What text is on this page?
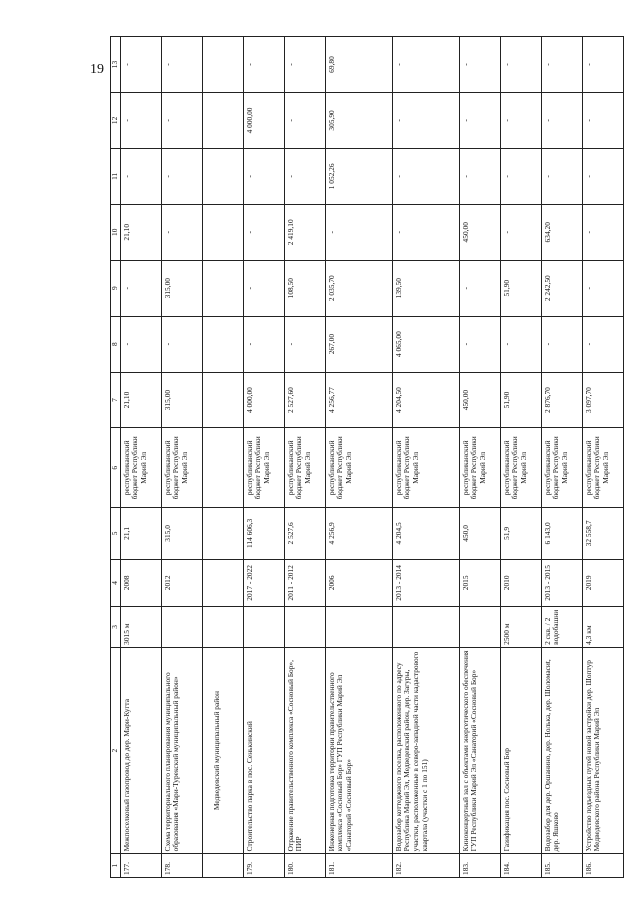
19
1	2	3	4	5	6	7	8	9	10	11	12	13
177.	Межпоселковый газопровод до дер. Мари-Кугта	3015 м	2008	21,1	республиканский бюджет Республики Марий Эл	21,10	-	-	21,10	-	-	-
178.	Схема территориального планирования муниципального образования «Мари-Турекский муниципальный район»		2012	315,0	республиканский бюджет Республики Марий Эл	315,00	-	315,00	-	-	-	-

	Медведевский муниципальный район											

179.	Строительство парка в пос. Сенькинский		2017 - 2022	114 606,3	республиканский бюджет Республики Марий Эл	4 000,00	-	-	-	-	4 000,00	-
180.	Отражение правительственного комплекса «Сосновый Бор», ПИР		2011 - 2012	2 527,6	республиканский бюджет Республики Марий Эл	2 527,60	-	108,50	2 419,10	-	-	-
181.	Инженерная подготовка территории правительственного комплекса «Сосновый Бор» ГУП Республики Марий Эл «Санаторий «Сосновый Бор»		2006	4 256,9	республиканский бюджет Республики Марий Эл	4 256,77	267,00	2 035,70	-	1 052,26	305,90	69,80
182.	Водозабор коттеджного поселка, расположенного по адресу Республика Марий Эл, Медведевский район, дер. Загуры, участки, расположенные в северо-западной части кадастрового квартала (участки с 1 по 151)		2013 - 2014	4 204,5	республиканский бюджет Республики Марий Эл	4 204,50	4 065,00	139,50	-	-	-	-
183.	Киноконцертный зал с объектами энергетического обеспечения ГУП Республики Марий Эл «Санаторий «Сосновый Бор»		2015	450,0	республиканский бюджет Республики Марий Эл	450,00	-	-	450,00	-	-	-
184.	Газификация пос. Сосновый Бор	2500 м	2010	51,9	республиканский бюджет Республики Марий Эл	51,90	-	51,90	-	-	-	-
185.	Водозабор для дер. Оршанино, дер. Нолька, дер. Шоломасиt, дер. Яшково	2 скв. / 2 водобашни	2013 - 2015	6 143,0	республиканский бюджет Республики Марий Эл	2 876,70	-	2 242,50	634,20	-	-	-
186.	Устройство подъездных путей новой застройки дер. Шоптур Медведевского района Республики Марий Эл	4,3 км	2019	32 558,7	республиканский бюджет Республики Марий Эл	3 097,70	-	-	-	-	-	-
